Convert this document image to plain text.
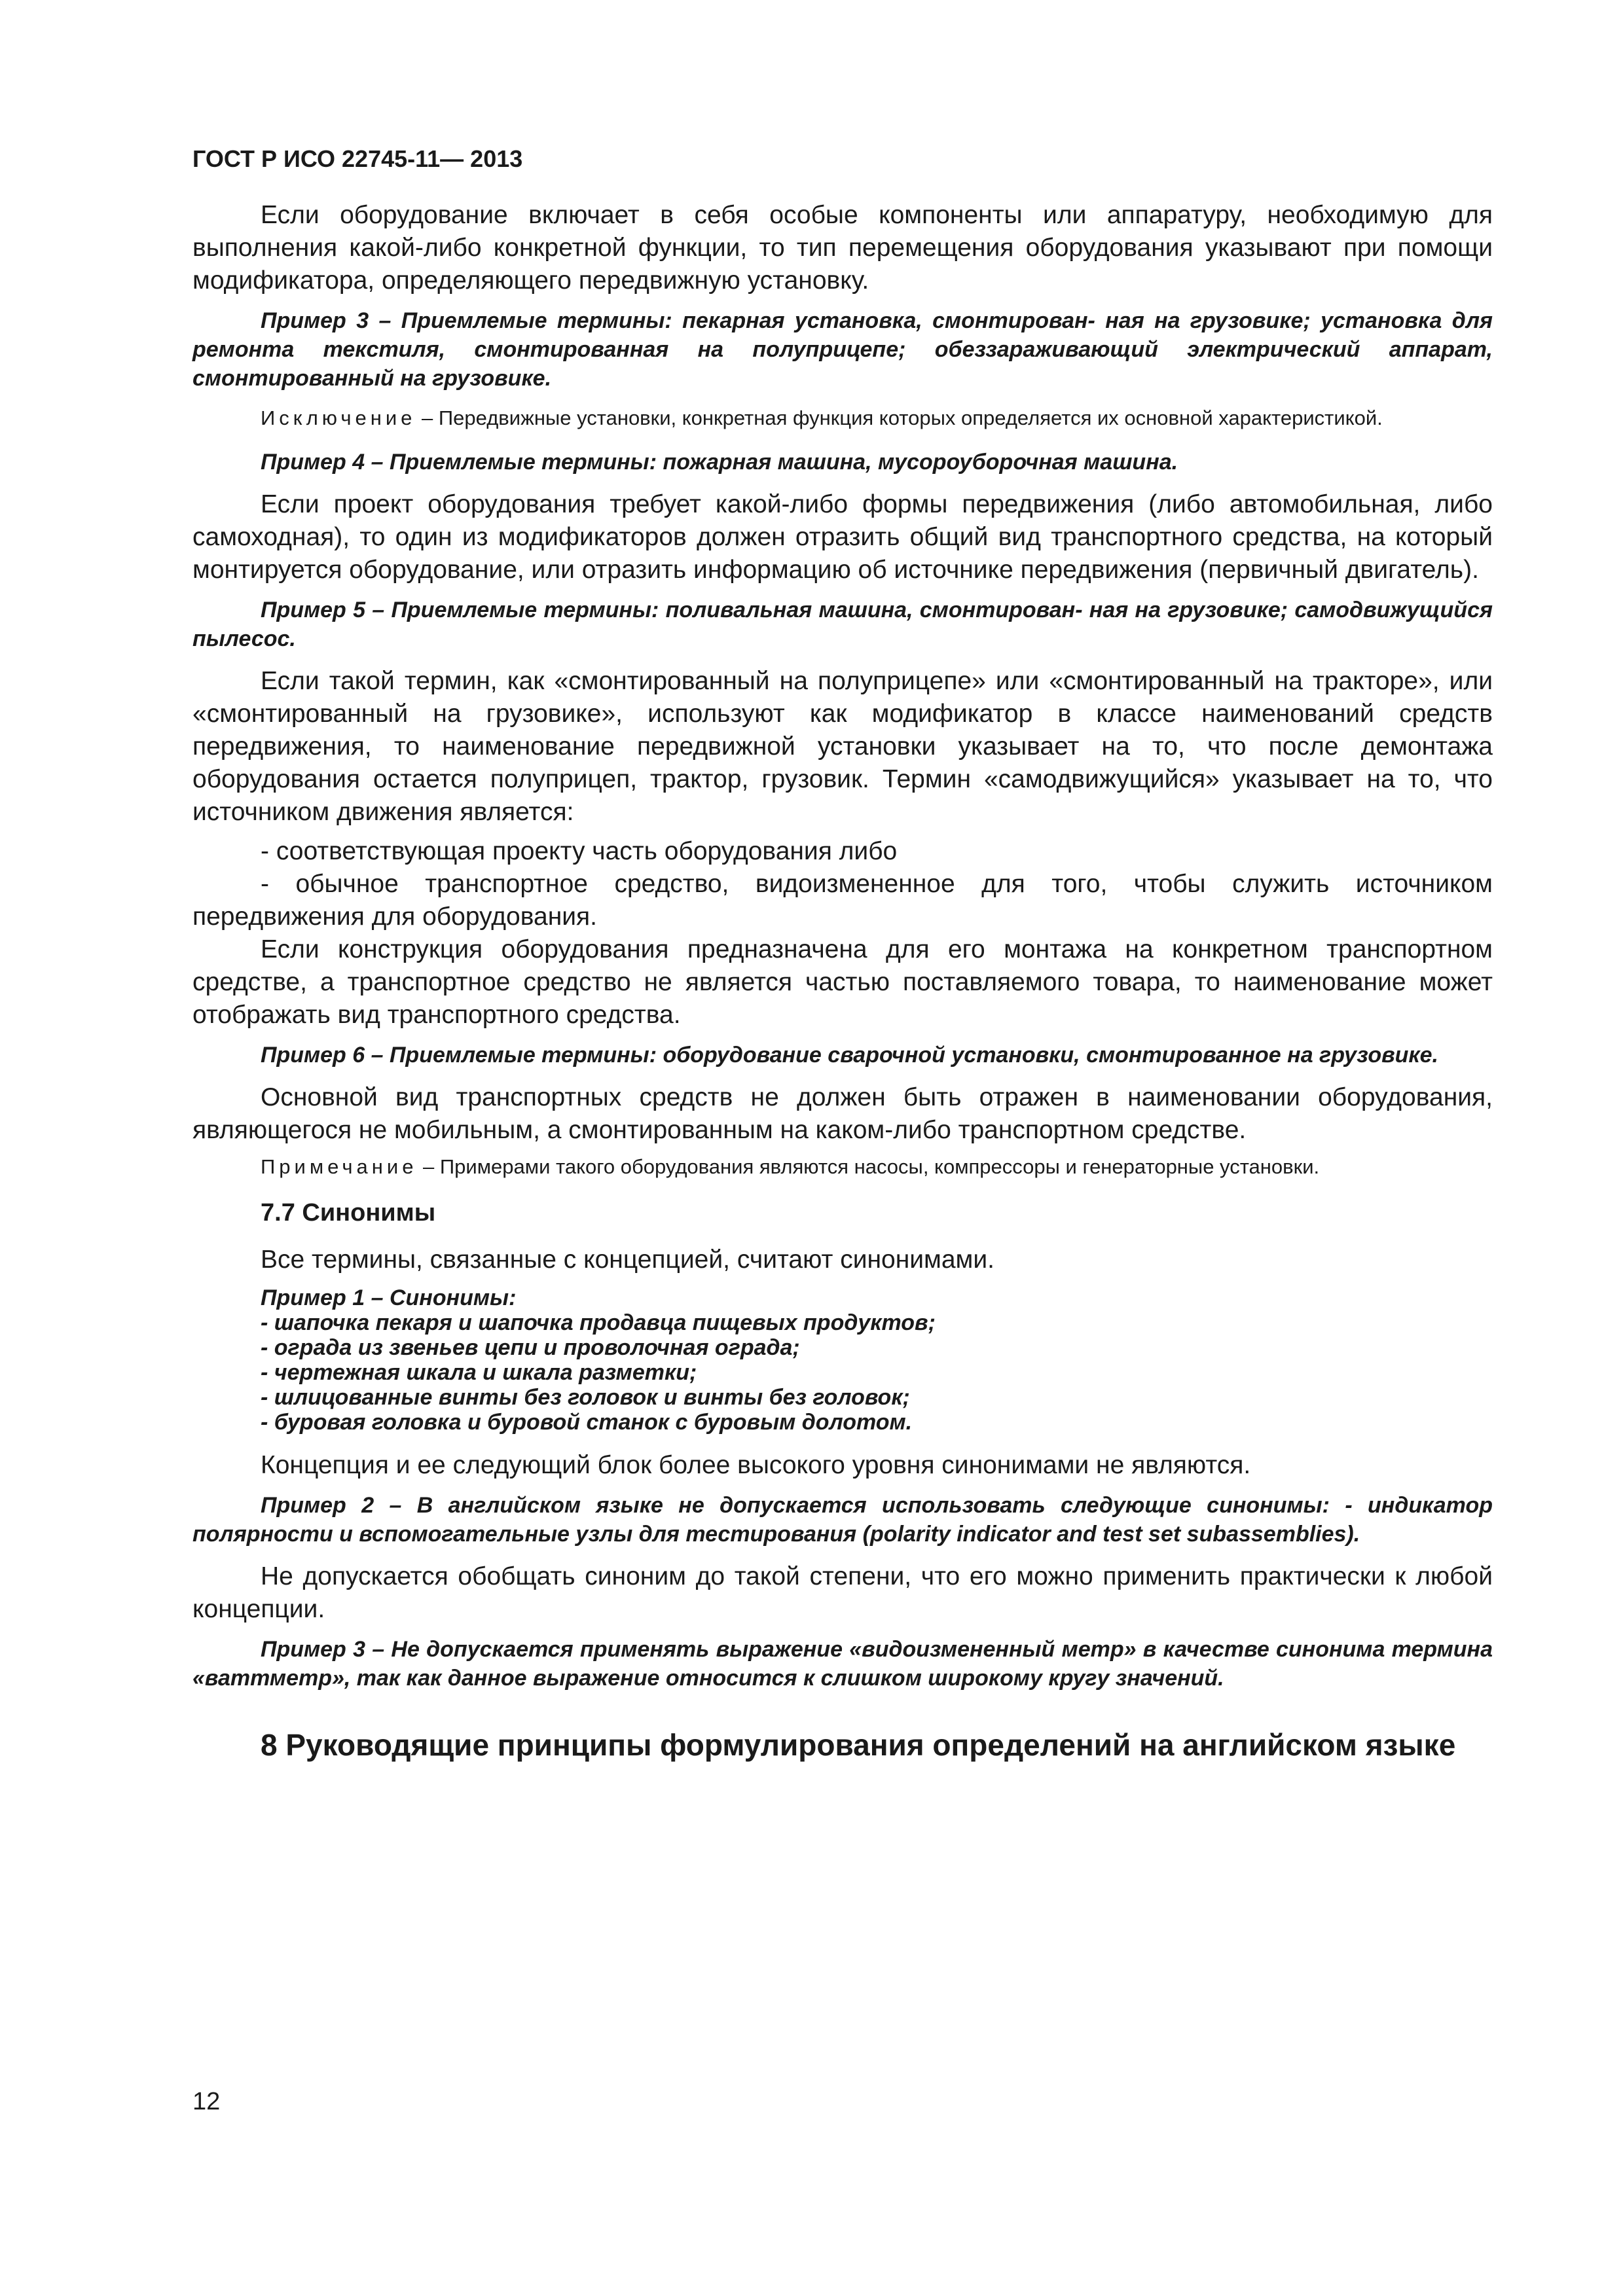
ГОСТ Р ИСО 22745-11— 2013

Если оборудование включает в себя особые компоненты или аппаратуру, необходимую для выполнения какой-либо конкретной функции, то тип перемещения оборудования указывают при помощи модификатора, определяющего передвижную установку.

Пример 3 – Приемлемые термины: пекарная установка, смонтирован- ная на грузовике; установка для ремонта текстиля, смонтированная на полуприцепе; обеззараживающий электрический аппарат, смонтированный на грузовике.

Исключение – Передвижные установки, конкретная функция которых определяется их основной характеристикой.

Пример 4 – Приемлемые термины: пожарная машина, мусороуборочная машина.

Если проект оборудования требует какой-либо формы передвижения (либо автомобильная, либо самоходная), то один из модификаторов должен отразить общий вид транспортного средства, на который монтируется оборудование, или отразить информацию об источнике передвижения (первичный двигатель).

Пример 5 – Приемлемые термины: поливальная машина, смонтирован- ная на грузовике; самодвижущийся пылесос.

Если такой термин, как «смонтированный на полуприцепе» или «смонтированный на тракторе», или «смонтированный на грузовике», используют как модификатор в классе наименований средств передвижения, то наименование передвижной установки указывает на то, что после демонтажа оборудования остается полуприцеп, трактор, грузовик. Термин «самодвижущийся» указывает на то, что источником движения является:

- соответствующая проекту часть оборудования либо

- обычное транспортное средство, видоизмененное для того, чтобы служить источником передвижения для оборудования.

Если конструкция оборудования предназначена для его монтажа на конкретном транспортном средстве, а транспортное средство не является частью поставляемого товара, то наименование может отображать вид транспортного средства.

Пример 6 – Приемлемые термины: оборудование сварочной установки, смонтированное на грузовике.

Основной вид транспортных средств не должен быть отражен в наименовании оборудования, являющегося не мобильным, а смонтированным на каком-либо транспортном средстве.

Примечание – Примерами такого оборудования являются насосы, компрессоры и генераторные установки.

7.7 Синонимы

Все термины, связанные с концепцией, считают синонимами.

Пример 1 – Синонимы:
- шапочка пекаря и шапочка продавца пищевых продуктов;
- ограда из звеньев цепи и проволочная ограда;
- чертежная шкала и шкала разметки;
- шлицованные винты без головок и винты без головок;
- буровая головка и буровой станок с буровым долотом.

Концепция и ее следующий блок более высокого уровня синонимами не являются.

Пример 2 – В английском языке не допускается использовать следующие синонимы: - индикатор полярности и вспомогательные узлы для тестирования (polarity indicator and test set subassemblies).

Не допускается обобщать синоним до такой степени, что его можно применить практически к любой концепции.

Пример 3 – Не допускается применять выражение «видоизмененный метр» в качестве синонима термина «ваттметр», так как данное выражение относится к слишком широкому кругу значений.

8 Руководящие принципы формулирования определений на английском языке
12
